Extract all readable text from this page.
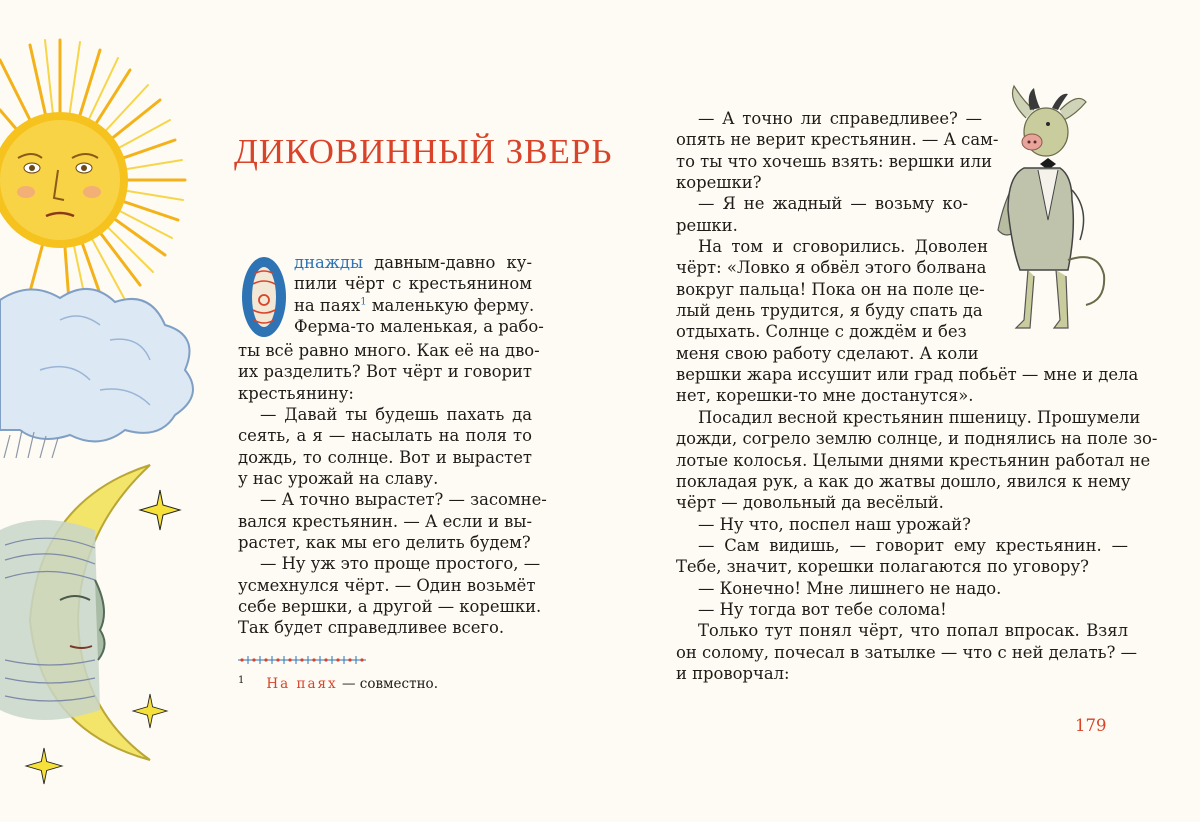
ДИКОВИННЫЙ ЗВЕРЬ
О
днажды давным-давно ку-
пили чёрт с крестьянином
на паях$^1$ маленькую ферму.
Ферма-то маленькая, а рабо-
ты всё равно много. Как её на дво-
их разделить? Вот чёрт и говорит
крестьянину:
— Давай ты будешь пахать да
сеять, а я — насылать на поля то
дождь, то солнце. Вот и вырастет
у нас урожай на славу.
— А точно вырастет? — засомне-
вался крестьянин. — А если и вы-
растет, как мы его делить будем?
— Ну уж это проще простого, —
усмехнулся чёрт. — Один возьмёт
себе вершки, а другой — корешки.
Так будет справедливее всего.
$^1$ На паях — совместно.
— А точно ли справедливее? —
опять не верит крестьянин. — А сам-
то ты что хочешь взять: вершки или
корешки?
— Я не жадный — возьму ко-
решки.
На том и сговорились. Доволен
чёрт: «Ловко я обвёл этого болвана
вокруг пальца! Пока он на поле це-
лый день трудится, я буду спать да
отдыхать. Солнце с дождём и без
меня свою работу сделают. А коли
вершки жара иссушит или град побьёт — мне и дела
нет, корешки-то мне достанутся».
Посадил весной крестьянин пшеницу. Прошумели
дожди, согрело землю солнце, и поднялись на поле зо-
лотые колосья. Целыми днями крестьянин работал не
покладая рук, а как до жатвы дошло, явился к нему
чёрт — довольный да весёлый.
— Ну что, поспел наш урожай?
— Сам видишь, — говорит ему крестьянин. —
Тебе, значит, корешки полагаются по уговору?
— Конечно! Мне лишнего не надо.
— Ну тогда вот тебе солома!
Только тут понял чёрт, что попал впросак. Взял
он солому, почесал в затылке — что с ней делать? —
и проворчал:
179
